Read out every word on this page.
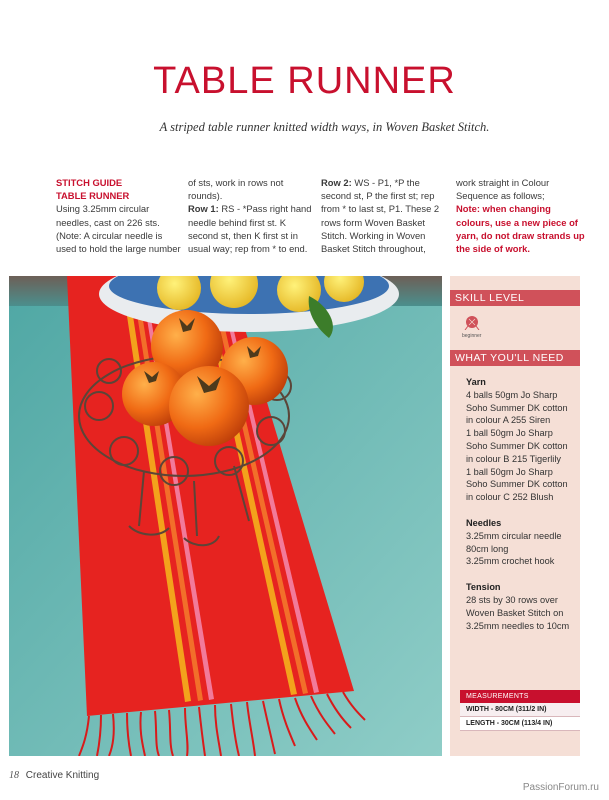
TABLE RUNNER
A striped table runner knitted width ways, in Woven Basket Stitch.
STITCH GUIDE
TABLE RUNNER
Using 3.25mm circular needles, cast on 226 sts. (Note: A circular needle is used to hold the large number
of sts, work in rows not rounds).
Row 1: RS - *Pass right hand needle behind first st. K second st, then K first st in usual way; rep from * to end.
Row 2: WS - P1, *P the second st, P the first st; rep from * to last st, P1. These 2 rows form Woven Basket Stitch. Working in Woven Basket Stitch throughout,
work straight in Colour Sequence as follows;
Note: when changing colours, use a new piece of yarn, do not draw strands up the side of work.
SKILL LEVEL
beginner
WHAT YOU'LL NEED
Yarn
4 balls 50gm Jo Sharp
Soho Summer DK cotton
in colour A 255 Siren
1 ball 50gm Jo Sharp
Soho Summer DK cotton
in colour B 215 Tigerlily
1 ball 50gm Jo Sharp
Soho Summer DK cotton
in colour C 252 Blush
Needles
3.25mm circular needle
80cm long
3.25mm crochet hook
Tension
28 sts by 30 rows over
Woven Basket Stitch on
3.25mm needles to 10cm
MEASUREMENTS
WIDTH - 80CM (311/2 IN)
LENGTH - 30CM (113/4 IN)
18 Creative Knitting
PassionForum.ru
